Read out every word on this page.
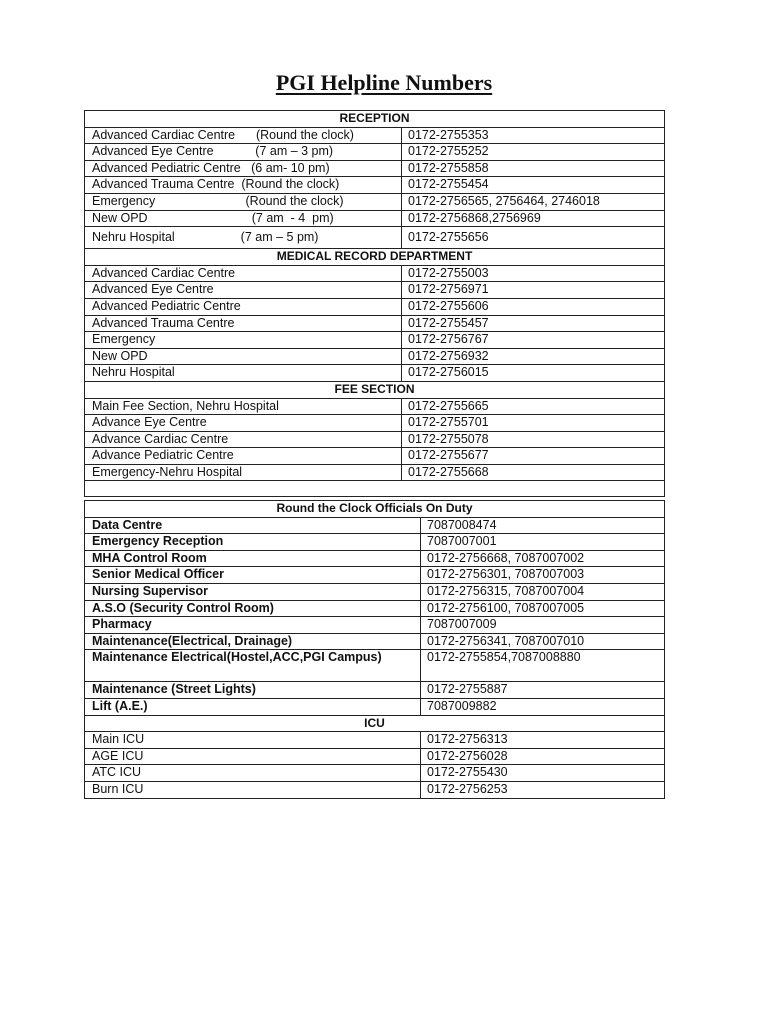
PGI Helpline Numbers
RECEPTION	
Advanced Cardiac Centre      (Round the clock)	0172-2755353
Advanced Eye Centre            (7 am – 3 pm)	0172-2755252
Advanced Pediatric Centre   (6 am- 10 pm)	0172-2755858
Advanced Trauma Centre  (Round the clock)	0172-2755454
Emergency                          (Round the clock)	0172-2756565, 2756464, 2746018
New OPD                              (7 am  - 4  pm)	0172-2756868,2756969
Nehru Hospital                   (7 am – 5 pm)	0172-2755656
MEDICAL RECORD DEPARTMENT	
Advanced Cardiac Centre	0172-2755003
Advanced Eye Centre	0172-2756971
Advanced Pediatric Centre	0172-2755606
Advanced Trauma Centre	0172-2755457
Emergency	0172-2756767
New OPD	0172-2756932
Nehru Hospital	0172-2756015
FEE SECTION	
Main Fee Section, Nehru Hospital	0172-2755665
Advance Eye Centre	0172-2755701
Advance Cardiac Centre	0172-2755078
Advance Pediatric Centre	0172-2755677
Emergency-Nehru Hospital	0172-2755668

Round the Clock Officials On Duty	
Data Centre	7087008474
Emergency Reception	7087007001
MHA Control Room	0172-2756668, 7087007002
Senior Medical Officer	0172-2756301, 7087007003
Nursing Supervisor	0172-2756315, 7087007004
A.S.O (Security Control Room)	0172-2756100, 7087007005
Pharmacy	7087007009
Maintenance(Electrical, Drainage)	0172-2756341, 7087007010
Maintenance Electrical(Hostel,ACC,PGI Campus)	0172-2755854,7087008880
Maintenance (Street Lights)	0172-2755887
Lift (A.E.)	7087009882
ICU	
Main ICU	0172-2756313
AGE ICU	0172-2756028
ATC ICU	0172-2755430
Burn ICU	0172-2756253
